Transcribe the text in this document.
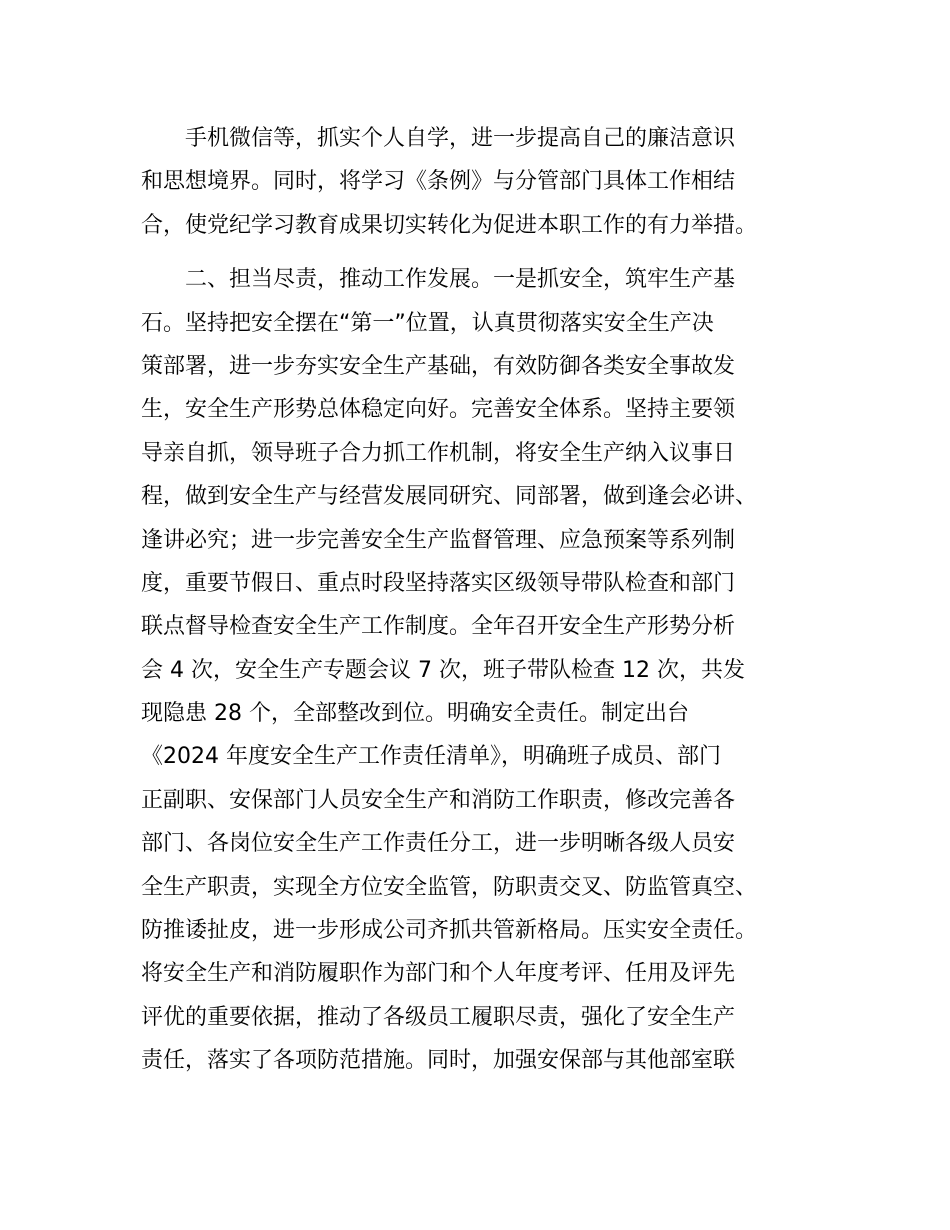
手机微信等，抓实个人自学，进一步提高自己的廉洁意识
和思想境界。同时，将学习《条例》与分管部门具体工作相结
合，使党纪学习教育成果切实转化为促进本职工作的有力举措。
二、担当尽责，推动工作发展。一是抓安全，筑牢生产基
石。坚持把安全摆在“第一”位置，认真贯彻落实安全生产决
策部署，进一步夯实安全生产基础，有效防御各类安全事故发
生，安全生产形势总体稳定向好。完善安全体系。坚持主要领
导亲自抓，领导班子合力抓工作机制，将安全生产纳入议事日
程，做到安全生产与经营发展同研究、同部署，做到逢会必讲、
逢讲必究；进一步完善安全生产监督管理、应急预案等系列制
度，重要节假日、重点时段坚持落实区级领导带队检查和部门
联点督导检查安全生产工作制度。全年召开安全生产形势分析
会 4 次，安全生产专题会议 7 次，班子带队检查 12 次，共发
现隐患 28 个，全部整改到位。明确安全责任。制定出台
《2024 年度安全生产工作责任清单》，明确班子成员、部门
正副职、安保部门人员安全生产和消防工作职责，修改完善各
部门、各岗位安全生产工作责任分工，进一步明晰各级人员安
全生产职责，实现全方位安全监管，防职责交叉、防监管真空、
防推诿扯皮，进一步形成公司齐抓共管新格局。压实安全责任。
将安全生产和消防履职作为部门和个人年度考评、任用及评先
评优的重要依据，推动了各级员工履职尽责，强化了安全生产
责任，落实了各项防范措施。同时，加强安保部与其他部室联
